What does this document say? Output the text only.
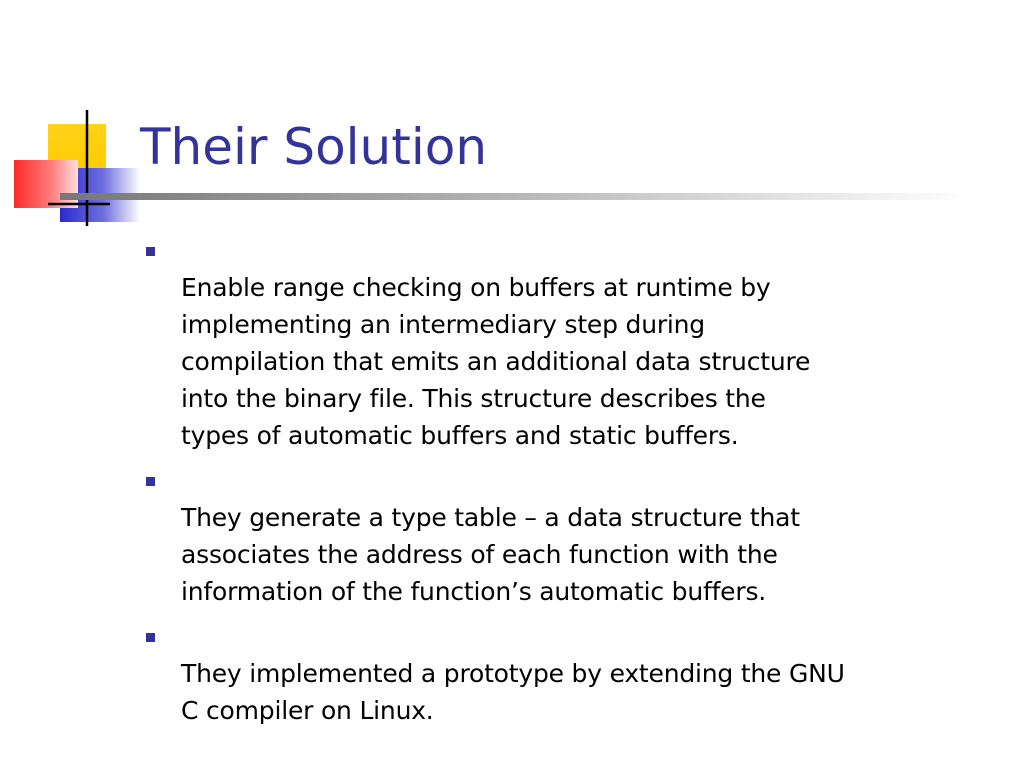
Their Solution

Enable range checking on buffers at runtime by
implementing an intermediary step during
compilation that emits an additional data structure
into the binary file. This structure describes the
types of automatic buffers and static buffers.

They generate a type table – a data structure that
associates the address of each function with the
information of the function’s automatic buffers.

They implemented a prototype by extending the GNU
C compiler on Linux.
